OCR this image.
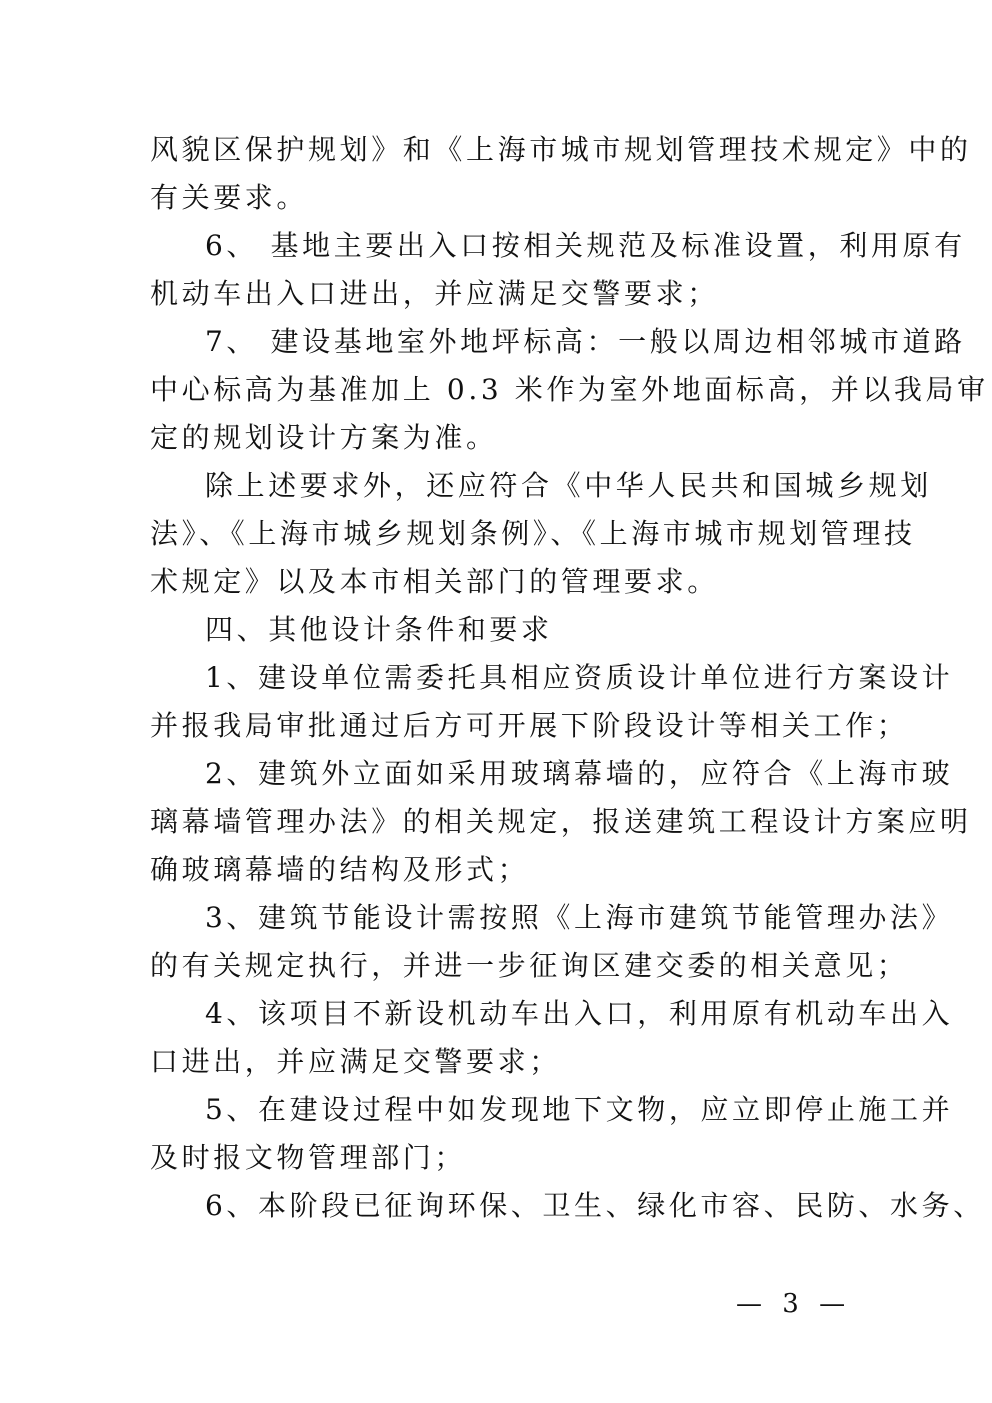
风貌区保护规划》和《上海市城市规划管理技术规定》中的
有关要求。
6、 基地主要出入口按相关规范及标准设置，利用原有
机动车出入口进出，并应满足交警要求；
7、 建设基地室外地坪标高：一般以周边相邻城市道路
中心标高为基准加上 0.3 米作为室外地面标高，并以我局审
定的规划设计方案为准。
除上述要求外，还应符合《中华人民共和国城乡规划
法》、《上海市城乡规划条例》、《上海市城市规划管理技
术规定》以及本市相关部门的管理要求。
四、其他设计条件和要求
1、建设单位需委托具相应资质设计单位进行方案设计
并报我局审批通过后方可开展下阶段设计等相关工作；
2、建筑外立面如采用玻璃幕墙的，应符合《上海市玻
璃幕墙管理办法》的相关规定，报送建筑工程设计方案应明
确玻璃幕墙的结构及形式；
3、建筑节能设计需按照《上海市建筑节能管理办法》
的有关规定执行，并进一步征询区建交委的相关意见；
4、该项目不新设机动车出入口，利用原有机动车出入
口进出，并应满足交警要求；
5、在建设过程中如发现地下文物，应立即停止施工并
及时报文物管理部门；
6、本阶段已征询环保、卫生、绿化市容、民防、水务、
— 3 —
